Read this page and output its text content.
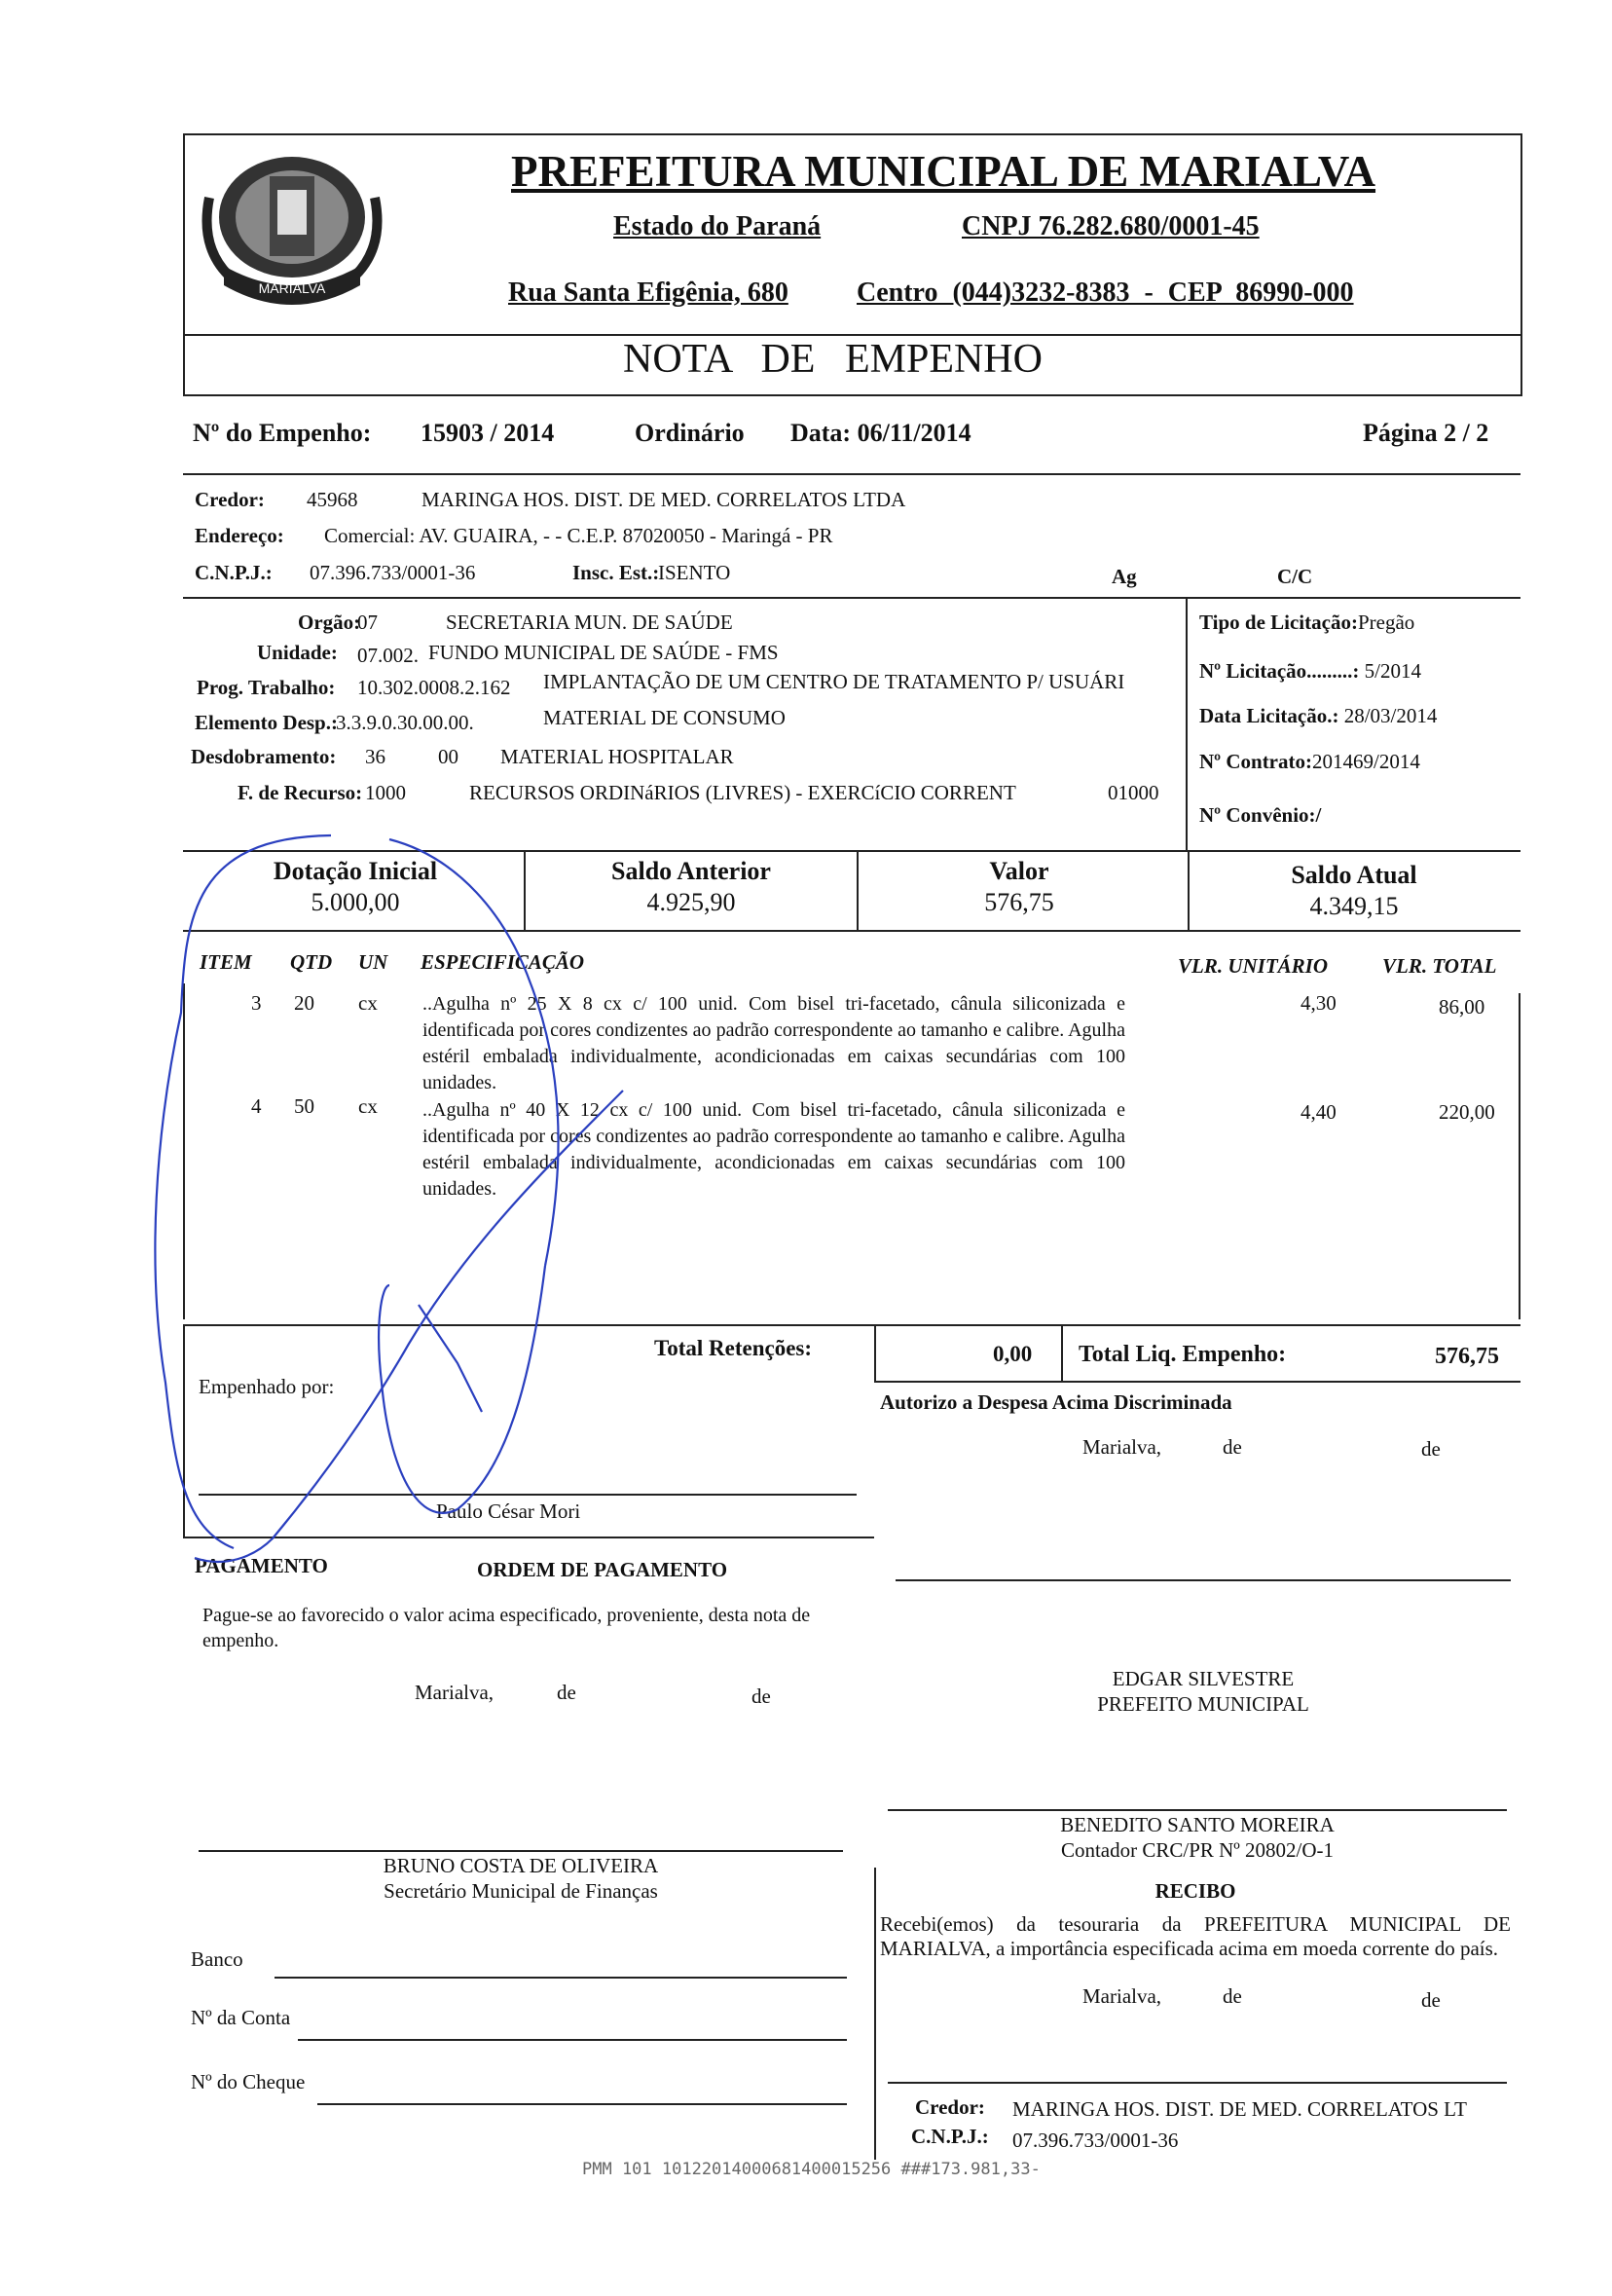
MARIALVA
PREFEITURA MUNICIPAL DE MARIALVA
Estado do Paraná	CNPJ 76.282.680/0001-45
Rua Santa Efigênia, 680	Centro (044)3232-8383 - CEP 86990-000
NOTA DE EMPENHO
Nº do Empenho: 15903 / 2014	Ordinário Data: 06/11/2014	Página 2 / 2
Credor: 45968	MARINGA HOS. DIST. DE MED. CORRELATOS LTDA
Endereço: Comercial: AV. GUAIRA, - - C.E.P. 87020050 - Maringá - PR
C.N.P.J.: 07.396.733/0001-36	Insc. Est.:
ISENTO	Ag	C/C
Orgão:
07	SECRETARIA MUN. DE SAÚDE
Unidade: 07.002. FUNDO MUNICIPAL DE SAÚDE - FMS
Prog. Trabalho: 10.302.0008.2.162 IMPLANTAÇÃO DE UM CENTRO DE TRATAMENTO P/ USUÁRI
Elemento Desp.:
3.3.9.0.30.00.00.	MATERIAL DE CONSUMO
Desdobramento: 36	00 MATERIAL HOSPITALAR
F. de Recurso: 1000	RECURSOS ORDINáRIOS (LIVRES) - EXERCíCIO CORRENT	01000
Tipo de Licitação:Pregão
Nº Licitação.........: 5/2014
Data Licitação.: 28/03/2014
Nº Contrato:201469/2014
Nº Convênio:/
Dotação Inicial
5.000,00
Saldo Anterior
4.925,90
Valor
576,75
Saldo Atual
4.349,15
ITEM QTD UN ESPECIFICAÇÃO	VLR. UNITÁRIO	VLR. TOTAL
3 20 cx ..Agulha nº 25 X 8 cx c/ 100 unid. Com bisel tri-facetado, cânula siliconizada e identificada por cores condizentes ao padrão correspondente ao tamanho e calibre. Agulha estéril embalada individualmente, acondicionadas em caixas secundárias com 100 unidades.
4,30	86,00
4 50 cx ..Agulha nº 40 X 12 cx c/ 100 unid. Com bisel tri-facetado, cânula siliconizada e identificada por cores condizentes ao padrão correspondente ao tamanho e calibre. Agulha estéril embalada individualmente, acondicionadas em caixas secundárias com 100 unidades.
4,40	220,00
Total Retenções:	0,00 Total Liq. Empenho:	576,75
Empenhado por:
Paulo César Mori
Autorizo a Despesa Acima Discriminada
Marialva,	de	de
PAGAMENTO	ORDEM DE PAGAMENTO
Pague-se ao favorecido o valor acima especificado, proveniente, desta nota de empenho.
Marialva,	de	de
EDGAR SILVESTRE
PREFEITO MUNICIPAL
BENEDITO SANTO MOREIRA
Contador CRC/PR Nº 20802/O-1
BRUNO COSTA DE OLIVEIRA
Secretário Municipal de Finanças	RECIBO
Recebi(emos) da tesouraria da PREFEITURA MUNICIPAL DE MARIALVA, a importância especificada acima em moeda corrente do país.
Marialva,	de	de
Banco
Nº da Conta
Nº do Cheque
Credor: MARINGA HOS. DIST. DE MED. CORRELATOS LT
C.N.P.J.: 07.396.733/0001-36
PMM 101 10122014000681400015256 ###173.981,33-
